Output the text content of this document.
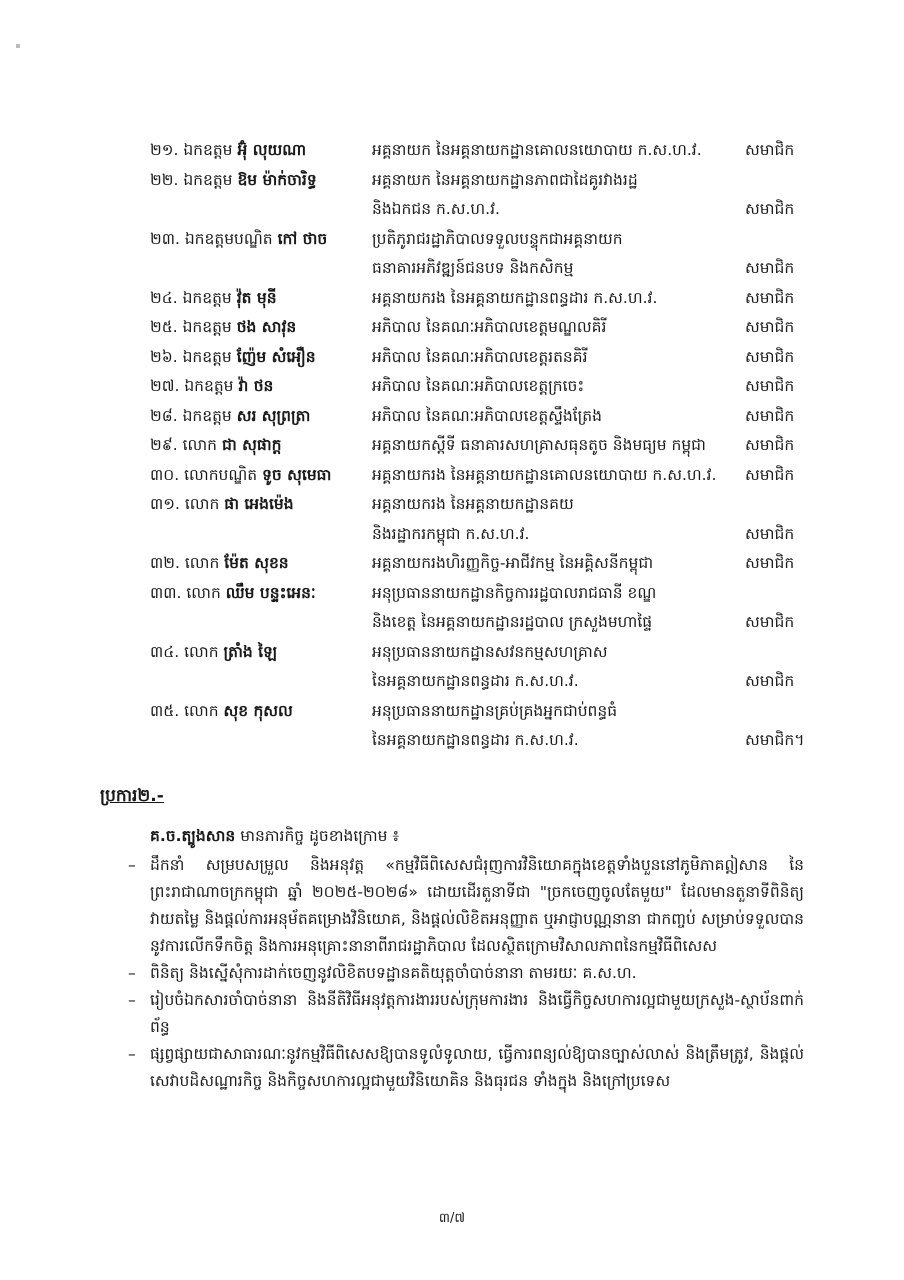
២១. ឯកឧត្តម អ៊ុំ លុយណា	អគ្គនាយក នៃអគ្គនាយកដ្ឋានគោលនយោបាយ ក.ស.ហ.វ.	សមាជិក
២២. ឯកឧត្តម ឱម ម៉ាក់ចារិទ្ធ	អគ្គនាយក នៃអគ្គនាយកដ្ឋានភាពជាដៃគូរវាងរដ្ឋ
និងឯកជន ក.ស.ហ.វ.	សមាជិក
២៣. ឯកឧត្តមបណ្ឌិត កៅ ថាច	ប្រតិភូរាជរដ្ឋាភិបាលទទួលបន្ទុកជាអគ្គនាយក
ធនាគារអភិវឌ្ឍន៍ជនបទ និងកសិកម្ម	សមាជិក
២៤. ឯកឧត្តម វ៉ុត មុនី	អគ្គនាយករង នៃអគ្គនាយកដ្ឋានពន្ធដារ ក.ស.ហ.វ.	សមាជិក
២៥. ឯកឧត្តម ថង សាវុន	អភិបាល នៃគណៈអភិបាលខេត្តមណ្ឌលគិរី	សមាជិក
២៦. ឯកឧត្តម ញ៉ែម សំអឿន	អភិបាល នៃគណៈអភិបាលខេត្តរតនគិរី	សមាជិក
២៧. ឯកឧត្តម វ៉ា ថន	អភិបាល នៃគណៈអភិបាលខេត្តក្រចេះ	សមាជិក
២៨. ឯកឧត្តម សរ សុព្រត្រា	អភិបាល នៃគណៈអភិបាលខេត្តស្ទឹងត្រែង	សមាជិក
២៩. លោក ជា សុផាក្ត	អគ្គនាយកស្ដីទី ធនាគារសហគ្រាសធុនតូច និងមធ្យម កម្ពុជា	សមាជិក
៣០. លោកបណ្ឌិត ទូច សុមេធា	អគ្គនាយករង នៃអគ្គនាយកដ្ឋានគោលនយោបាយ ក.ស.ហ.វ.	សមាជិក
៣១. លោក ផា អេងម៉េង	អគ្គនាយករង នៃអគ្គនាយកដ្ឋានគយ
និងរដ្ឋាករកម្ពុជា ក.ស.ហ.វ.	សមាជិក
៣២. លោក ម៉ែត សុខន	អគ្គនាយករងហិរញ្ញកិច្ច-អាជីវកម្ម នៃអគ្គិសនីកម្ពុជា	សមាជិក
៣៣. លោក ឈឹម បន្ទះអេនៈ	អនុប្រធាននាយកដ្ឋានកិច្ចការរដ្ឋបាលរាជធានី ខណ្ឌ
និងខេត្ត នៃអគ្គនាយកដ្ឋានរដ្ឋបាល ក្រសួងមហាផ្ទៃ	សមាជិក
៣៤. លោក ត្រាំង ឡៃ	អនុប្រធាននាយកដ្ឋានសវនកម្មសហគ្រាស
នៃអគ្គនាយកដ្ឋានពន្ធដារ ក.ស.ហ.វ.	សមាជិក
៣៥. លោក សុខ កុសល	អនុប្រធាននាយកដ្ឋានគ្រប់គ្រងអ្នកជាប់ពន្ធធំ
នៃអគ្គនាយកដ្ឋានពន្ធដារ ក.ស.ហ.វ.	សមាជិក។
ប្រការ២.-
គ.ច.ត្បូងសាន មានភារកិច្ច ដូចខាងក្រោម ៖

– ដឹកនាំ សម្របសម្រួល និងអនុវត្ត «កម្មវិធីពិសេសជំរុញការវិនិយោគក្នុងខេត្តទាំងបួននៅភូមិភាគឦសាន នៃព្រះរាជាណាចក្រកម្ពុជា ឆ្នាំ ២០២៥-២០២៨» ដោយដើរតួនាទីជា "ច្រកចេញចូលតែមួយ" ដែលមានតួនាទីពិនិត្យ វាយតម្លៃ និងផ្ដល់ការអនុម័តគម្រោងវិនិយោគ, និងផ្ដល់លិខិតអនុញ្ញាត ឬអាជ្ញាបណ្ណនានា ជាកញ្ចប់ សម្រាប់ទទួលបាននូវការលើកទឹកចិត្ត និងការអនុគ្រោះនានាពីរាជរដ្ឋាភិបាល ដែលស្ថិតក្រោមវិសាលភាពនៃកម្មវិធីពិសេស

– ពិនិត្យ និងស្នើសុំការដាក់ចេញនូវលិខិតបទដ្ឋានគតិយុត្តចាំបាច់នានា តាមរយៈ គ.ស.ហ.

– រៀបចំឯកសារចាំបាច់នានា និងនីតិវិធីអនុវត្តការងាររបស់ក្រុមការងារ និងធ្វើកិច្ចសហការល្អជាមួយក្រសួង-ស្ថាប័នពាក់ព័ន្ធ

– ផ្សព្វផ្សាយជាសាធារណៈនូវកម្មវិធីពិសេសឱ្យបានទូលំទូលាយ, ធ្វើការពន្យល់ឱ្យបានច្បាស់លាស់ និងត្រឹមត្រូវ, និងផ្ដល់សេវាបដិសណ្ឋារកិច្ច និងកិច្ចសហការល្អជាមួយវិនិយោគិន និងធុរជន ទាំងក្នុង និងក្រៅប្រទេស

៣/៧
